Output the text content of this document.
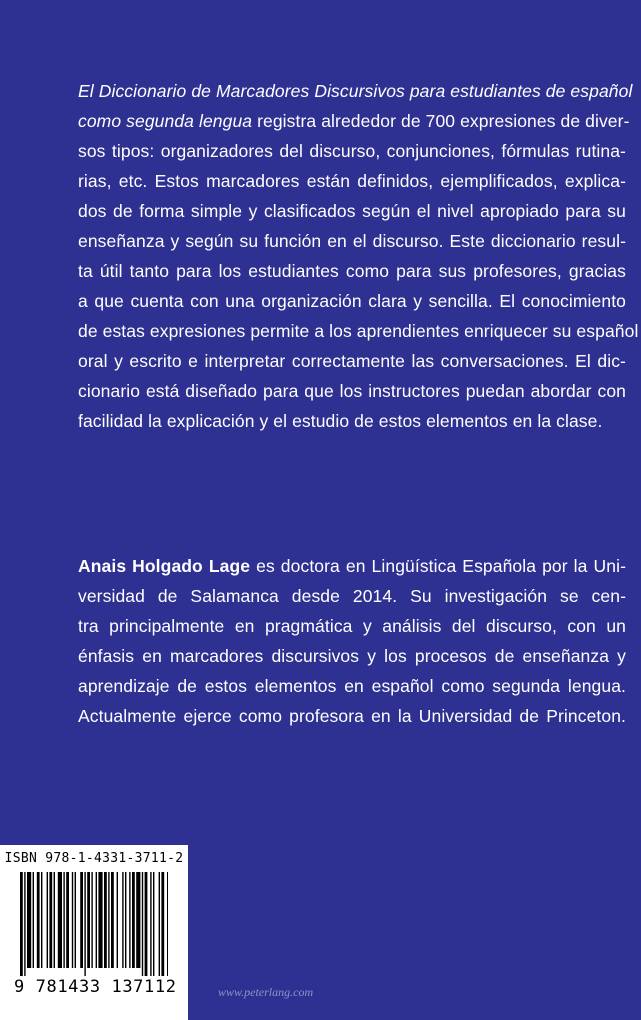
El Diccionario de Marcadores Discursivos para estudiantes de español
como segunda lengua registra alrededor de 700 expresiones de diver-
sos tipos: organizadores del discurso, conjunciones, fórmulas rutina-
rias, etc. Estos marcadores están definidos, ejemplificados, explica-
dos de forma simple y clasificados según el nivel apropiado para su
enseñanza y según su función en el discurso. Este diccionario resul-
ta útil tanto para los estudiantes como para sus profesores, gracias
a que cuenta con una organización clara y sencilla. El conocimiento
de estas expresiones permite a los aprendientes enriquecer su español
oral y escrito e interpretar correctamente las conversaciones. El dic-
cionario está diseñado para que los instructores puedan abordar con
facilidad la explicación y el estudio de estos elementos en la clase.
Anais Holgado Lage es doctora en Lingüística Española por la Uni-
versidad de Salamanca desde 2014. Su investigación se cen-
tra principalmente en pragmática y análisis del discurso, con un
énfasis en marcadores discursivos y los procesos de enseñanza y
aprendizaje de estos elementos en español como segunda lengua.
Actualmente ejerce como profesora en la Universidad de Princeton.
ISBN 978-1-4331-3711-2
9 781433 137112	www.peterlang.com
